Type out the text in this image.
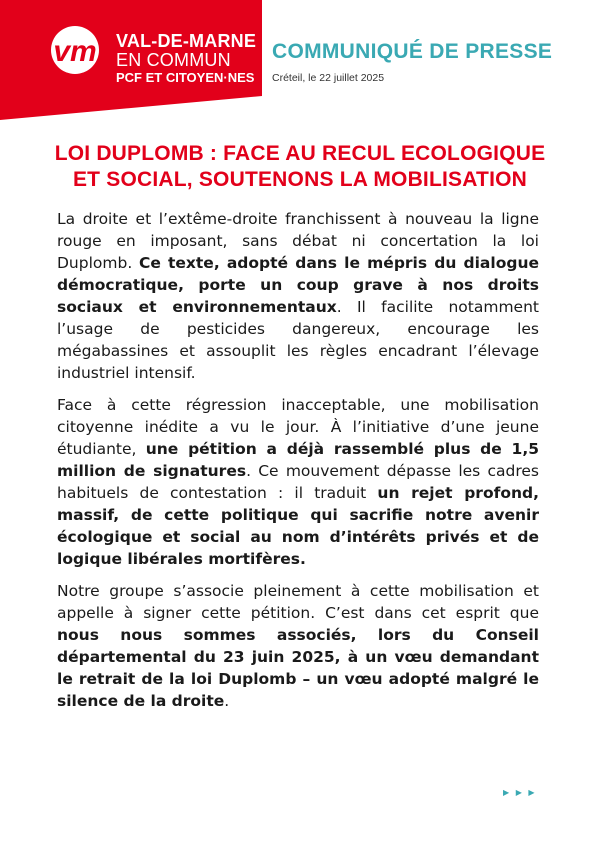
vm VAL-DE-MARNE
EN COMMUN
PCF ET CITOYEN·NES
COMMUNIQUÉ DE PRESSE
Créteil, le 22 juillet 2025
LOI DUPLOMB : FACE AU RECUL ECOLOGIQUE
ET SOCIAL, SOUTENONS LA MOBILISATION

La droite et l’extême-droite franchissent à nouveau la ligne rouge en imposant, sans débat ni concertation la loi Duplomb. Ce texte, adopté dans le mépris du dialogue démocratique, porte un coup grave à nos droits sociaux et environnementaux. Il facilite notamment l’usage de pesticides dangereux, encourage les mégabassines et assouplit les règles encadrant l’élevage industriel intensif.

Face à cette régression inacceptable, une mobilisation citoyenne inédite a vu le jour. À l’initiative d’une jeune étudiante, une pétition a déjà rassemblé plus de 1,5 million de signatures. Ce mouvement dépasse les cadres habituels de contestation : il traduit un rejet profond, massif, de cette politique qui sacrifie notre avenir écologique et social au nom d’intérêts privés et de logique libérales mortifères.

Notre groupe s’associe pleinement à cette mobilisation et appelle à signer cette pétition. C’est dans cet esprit que nous nous sommes associés, lors du Conseil départemental du 23 juin 2025, à un vœu demandant le retrait de la loi Duplomb – un vœu adopté malgré le silence de la droite.

▶ ▶ ▶
